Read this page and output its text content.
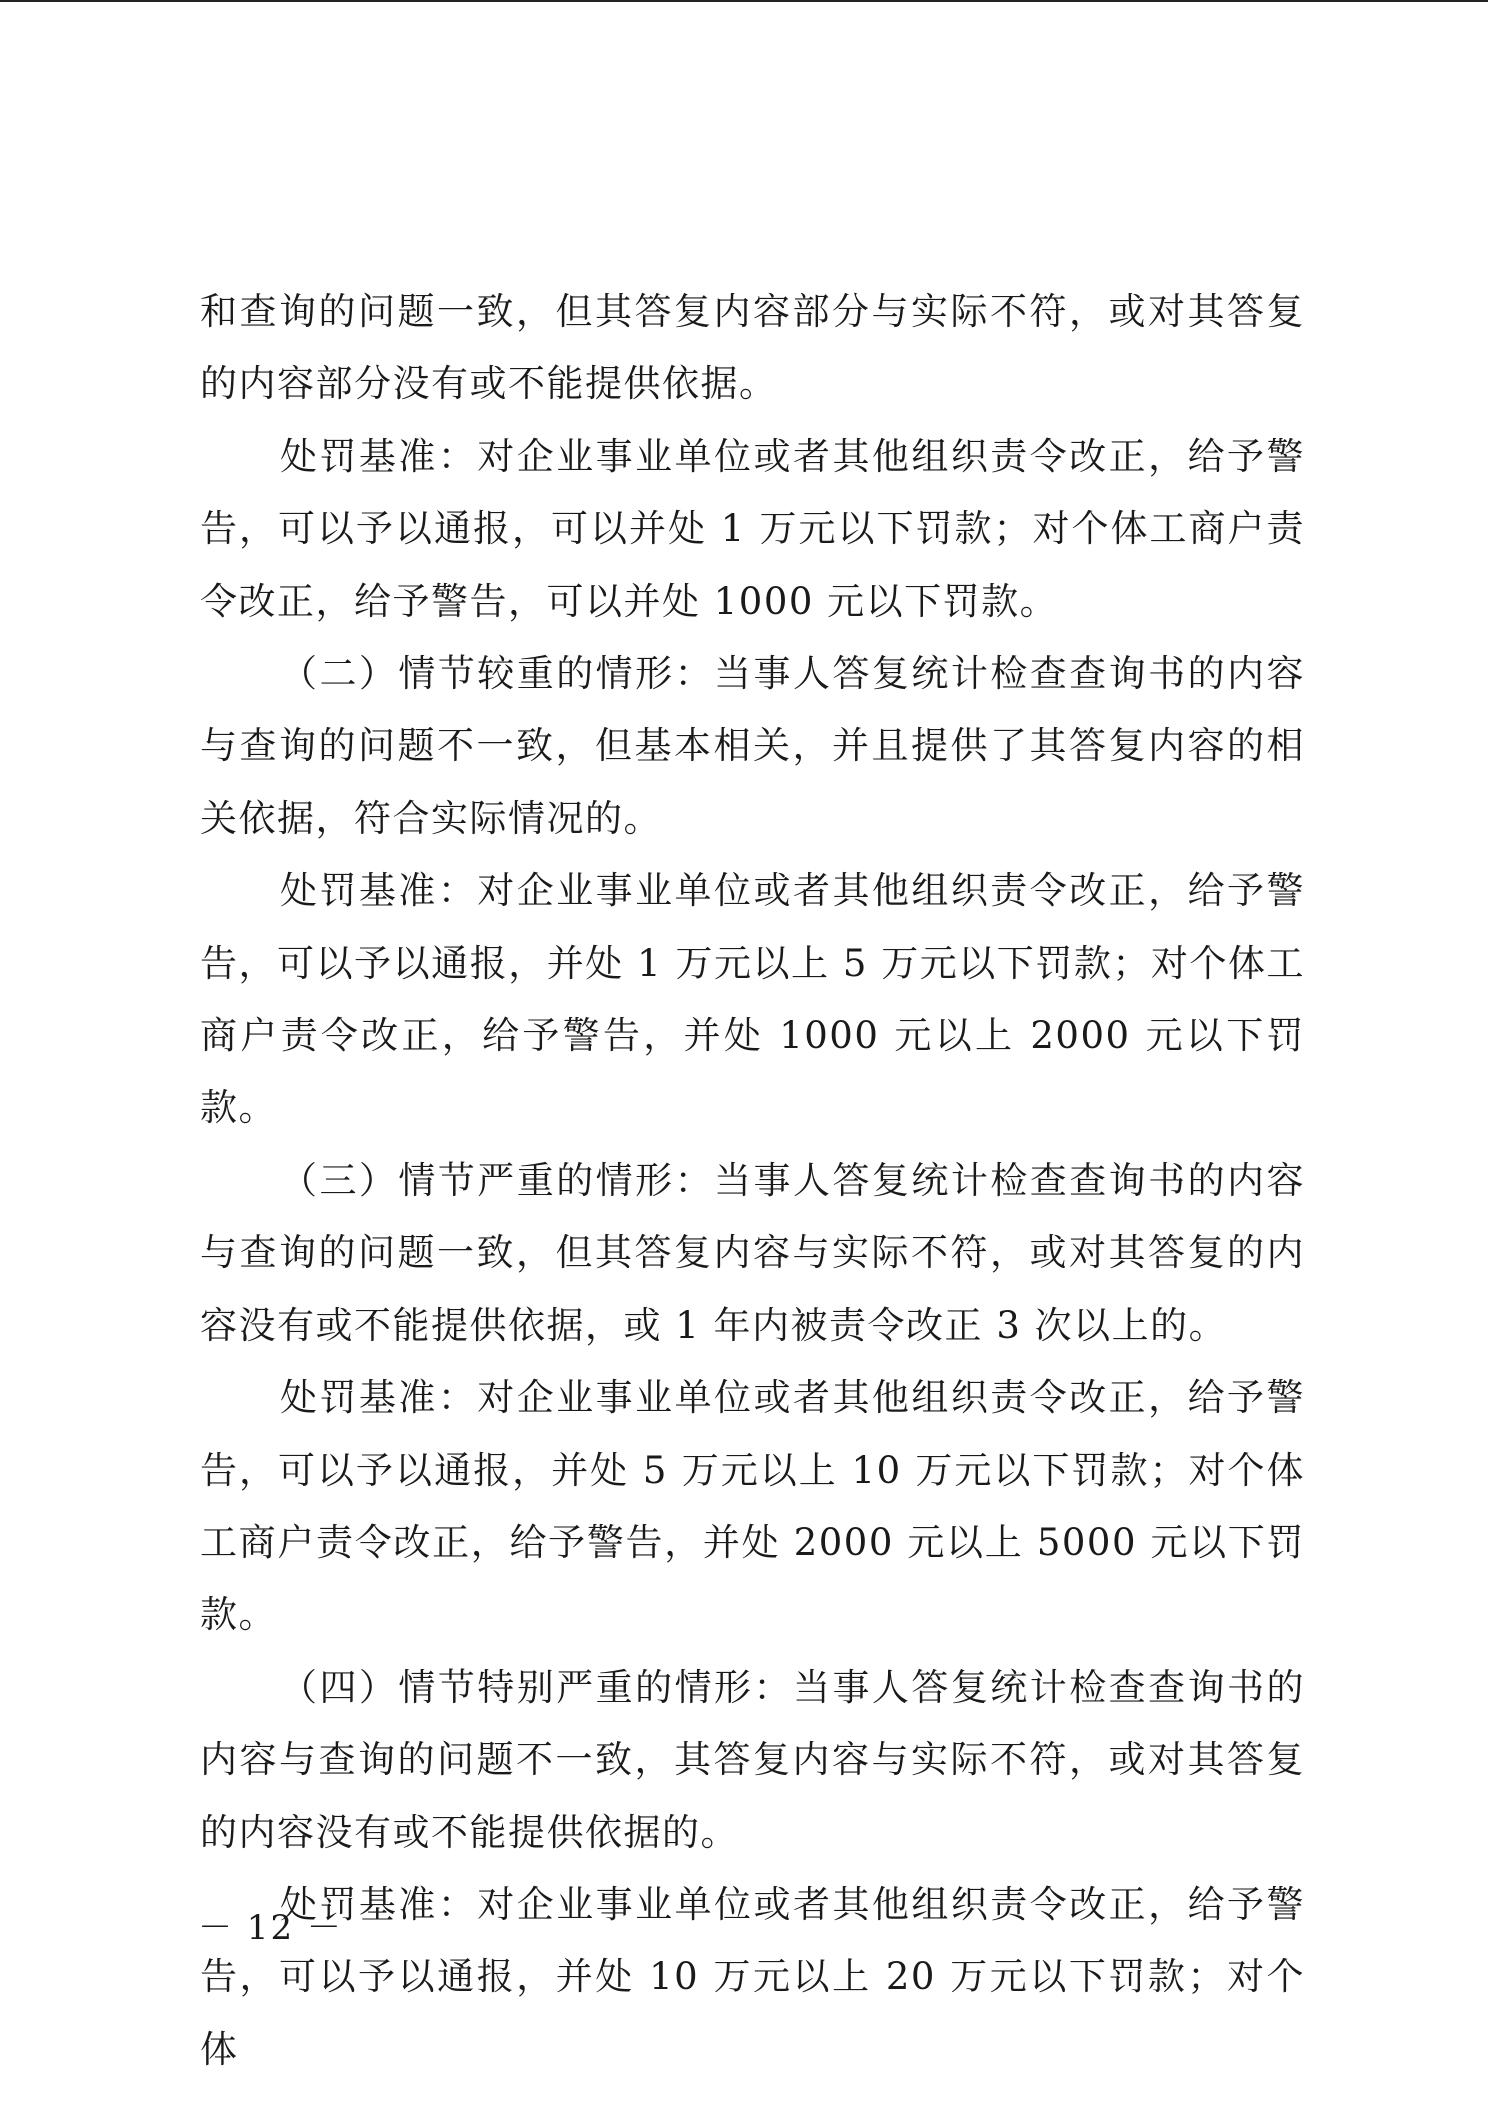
和查询的问题一致，但其答复内容部分与实际不符，或对其答复的内容部分没有或不能提供依据。

处罚基准：对企业事业单位或者其他组织责令改正，给予警告，可以予以通报，可以并处 1 万元以下罚款；对个体工商户责令改正，给予警告，可以并处 1000 元以下罚款。

（二）情节较重的情形：当事人答复统计检查查询书的内容与查询的问题不一致，但基本相关，并且提供了其答复内容的相关依据，符合实际情况的。

处罚基准：对企业事业单位或者其他组织责令改正，给予警告，可以予以通报，并处 1 万元以上 5 万元以下罚款；对个体工商户责令改正，给予警告，并处 1000 元以上 2000 元以下罚款。

（三）情节严重的情形：当事人答复统计检查查询书的内容与查询的问题一致，但其答复内容与实际不符，或对其答复的内容没有或不能提供依据，或 1 年内被责令改正 3 次以上的。

处罚基准：对企业事业单位或者其他组织责令改正，给予警告，可以予以通报，并处 5 万元以上 10 万元以下罚款；对个体工商户责令改正，给予警告，并处 2000 元以上 5000 元以下罚款。

（四）情节特别严重的情形：当事人答复统计检查查询书的内容与查询的问题不一致，其答复内容与实际不符，或对其答复的内容没有或不能提供依据的。

处罚基准：对企业事业单位或者其他组织责令改正，给予警告，可以予以通报，并处 10 万元以上 20 万元以下罚款；对个体

－ 12 －
